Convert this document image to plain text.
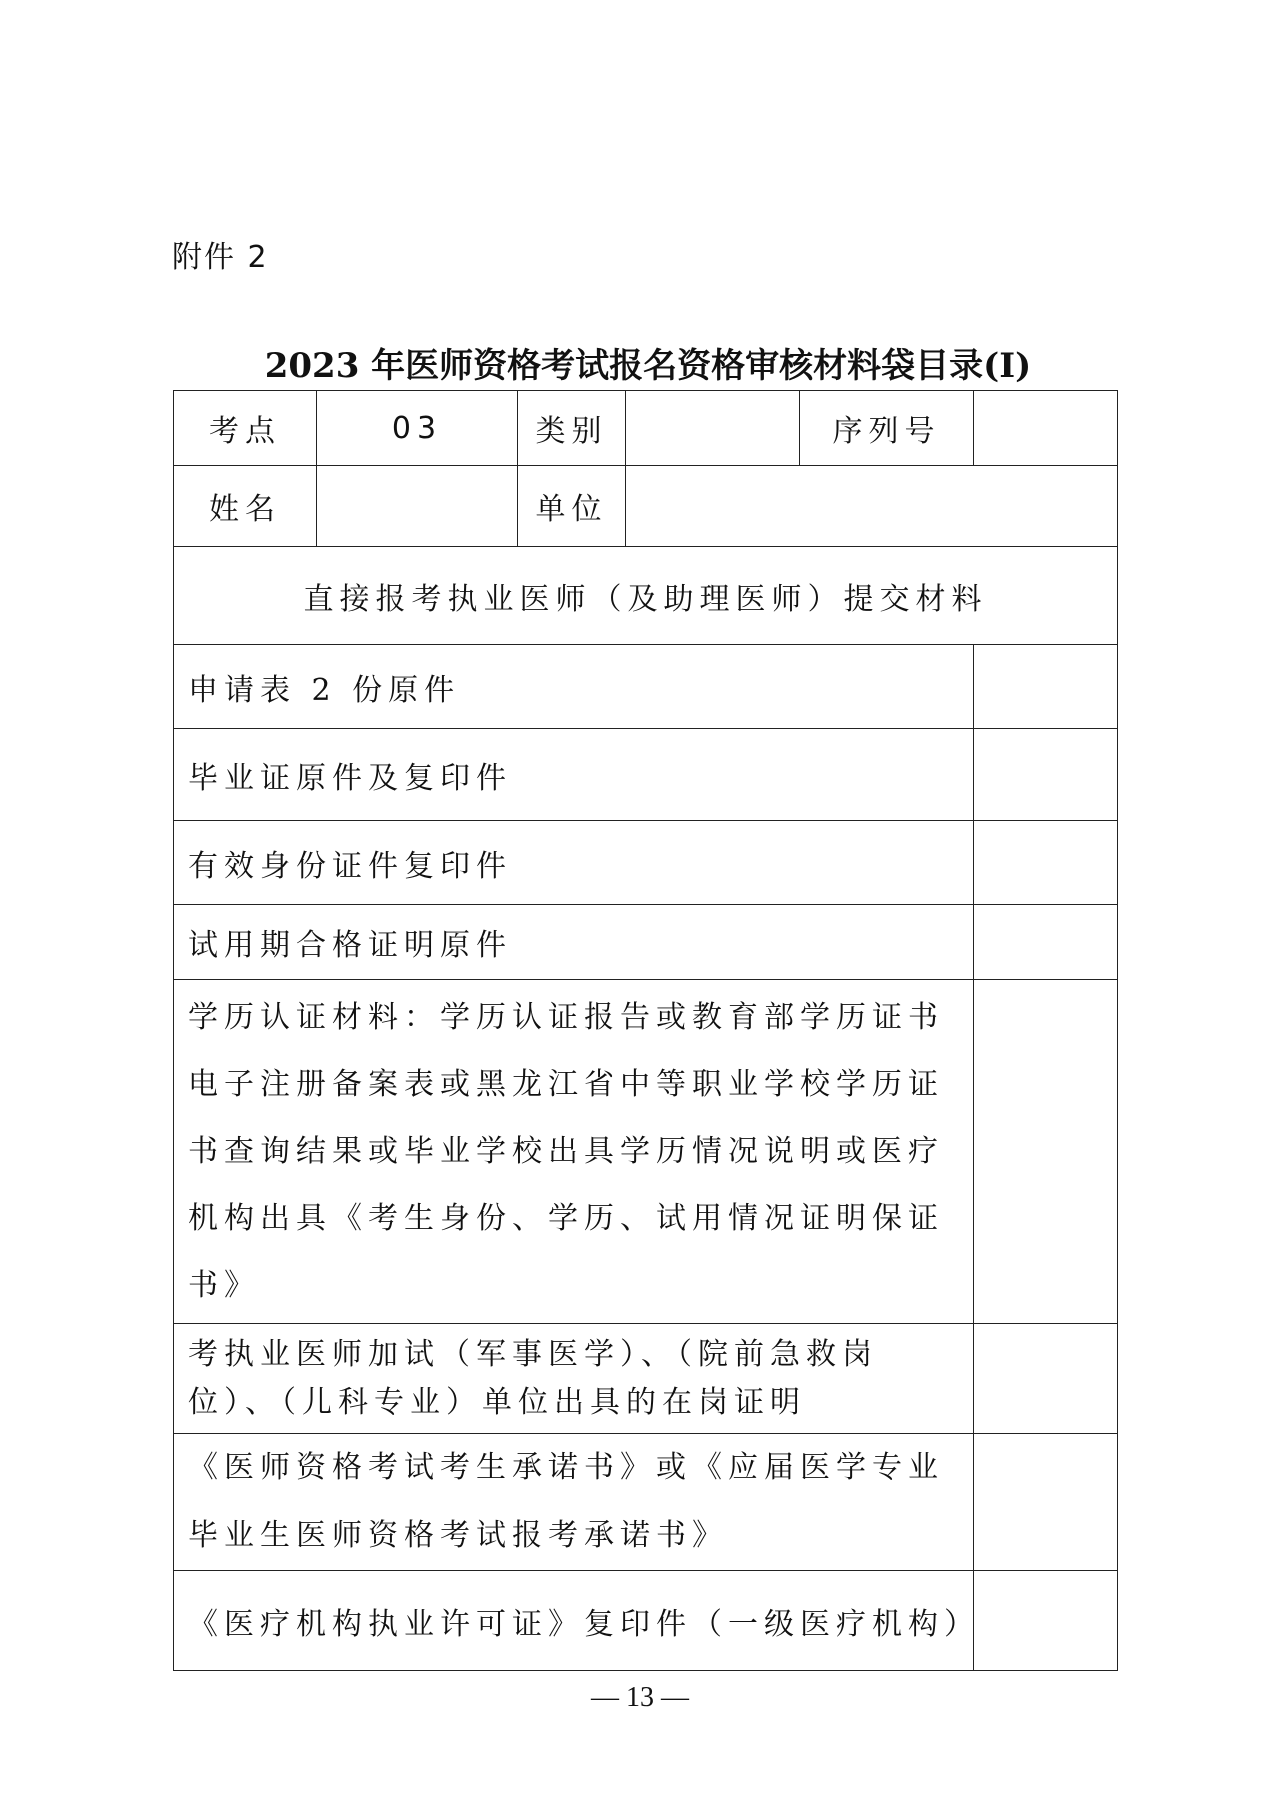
附件 2
2023 年医师资格考试报名资格审核材料袋目录(I)
考点	03	类别		序列号	
姓名		单位			
直接报考执业医师（及助理医师）提交材料					
申请表 2 份原件					
毕业证原件及复印件					
有效身份证件复印件					
试用期合格证明原件					
学历认证材料：学历认证报告或教育部学历证书电子注册备案表或黑龙江省中等职业学校学历证书查询结果或毕业学校出具学历情况说明或医疗机构出具《考生身份、学历、试用情况证明保证书》					
考执业医师加试（军事医学）、（院前急救岗位）、（儿科专业）单位出具的在岗证明					
《医师资格考试考生承诺书》或《应届医学专业毕业生医师资格考试报考承诺书》					
《医疗机构执业许可证》复印件（一级医疗机构）					
— 13 —
